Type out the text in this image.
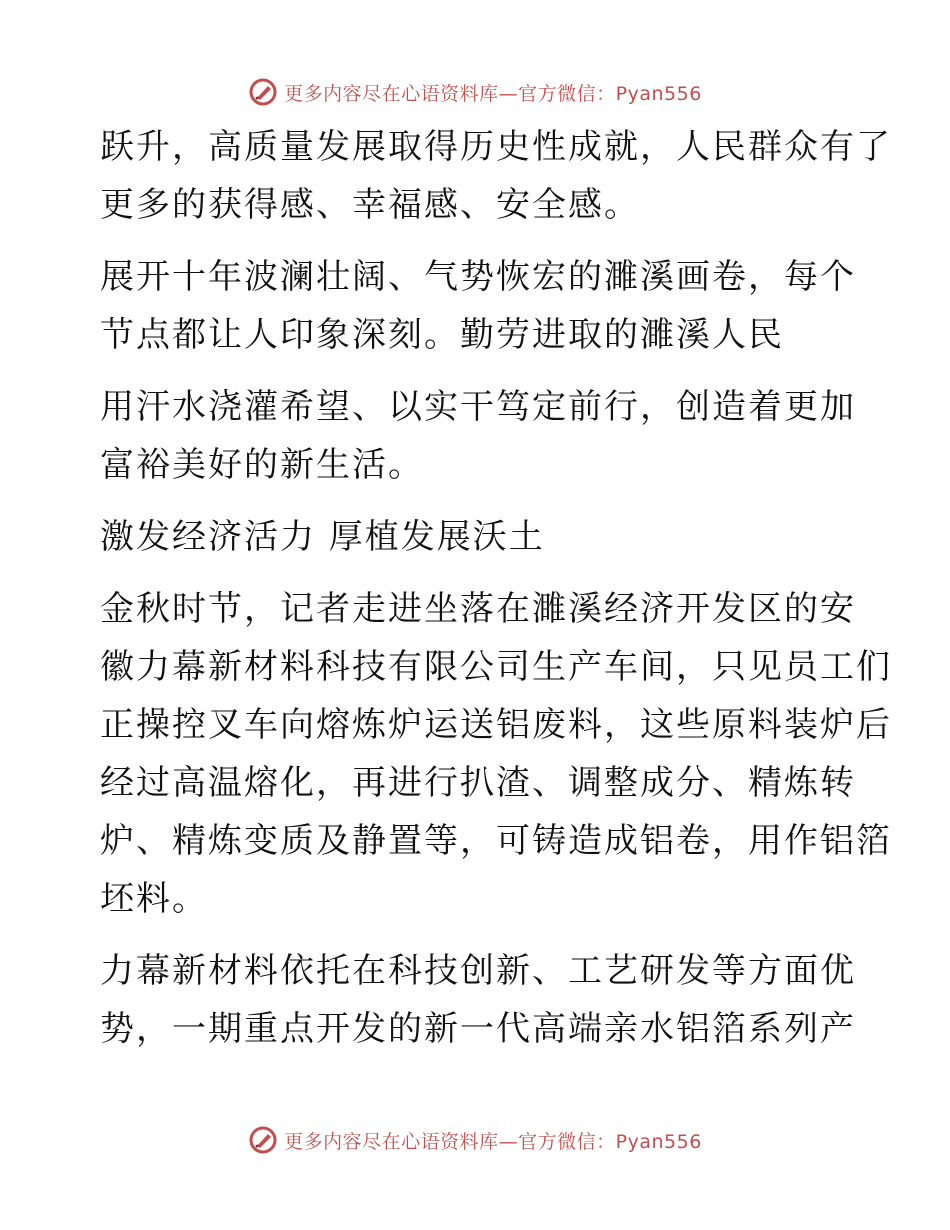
更多内容尽在心语资料库—官方微信：Pyan556

跃升，高质量发展取得历史性成就，人民群众有了
更多的获得感、幸福感、安全感。

展开十年波澜壮阔、气势恢宏的濉溪画卷，每个
节点都让人印象深刻。勤劳进取的濉溪人民

用汗水浇灌希望、以实干笃定前行，创造着更加
富裕美好的新生活。

激发经济活力 厚植发展沃土

金秋时节，记者走进坐落在濉溪经济开发区的安
徽力幕新材料科技有限公司生产车间，只见员工们
正操控叉车向熔炼炉运送铝废料，这些原料装炉后
经过高温熔化，再进行扒渣、调整成分、精炼转
炉、精炼变质及静置等，可铸造成铝卷，用作铝箔
坯料。

力幕新材料依托在科技创新、工艺研发等方面优
势，一期重点开发的新一代高端亲水铝箔系列产

更多内容尽在心语资料库—官方微信：Pyan556
